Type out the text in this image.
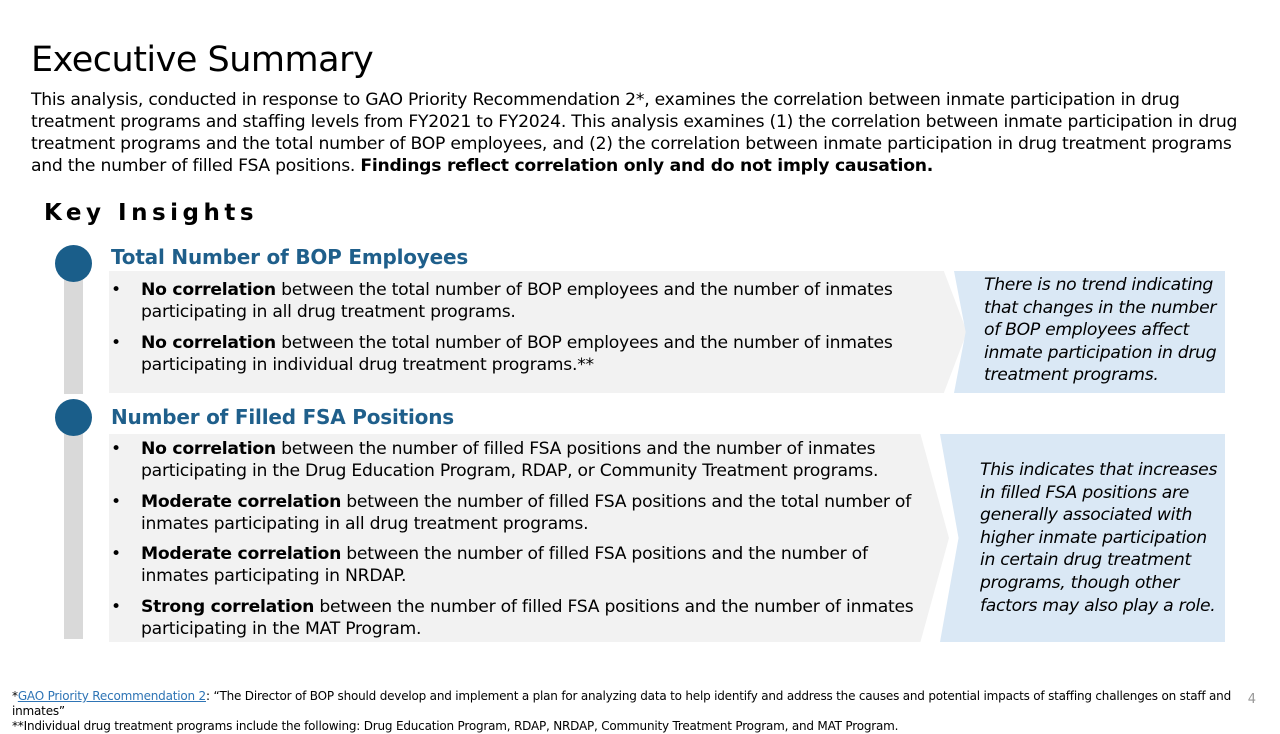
Executive Summary

This analysis, conducted in response to GAO Priority Recommendation 2*, examines the correlation between inmate participation in drug treatment programs and staffing levels from FY2021 to FY2024. This analysis examines (1) the correlation between inmate participation in drug treatment programs and the total number of BOP employees, and (2) the correlation between inmate participation in drug treatment programs and the number of filled FSA positions. Findings reflect correlation only and do not imply causation.

Key Insights
Total Number of BOP Employees
• No correlation between the total number of BOP employees and the number of inmates participating in all drug treatment programs.
• No correlation between the total number of BOP employees and the number of inmates participating in individual drug treatment programs.**
There is no trend indicating that changes in the number of BOP employees affect inmate participation in drug treatment programs.
Number of Filled FSA Positions
• No correlation between the number of filled FSA positions and the number of inmates participating in the Drug Education Program, RDAP, or Community Treatment programs.
• Moderate correlation between the number of filled FSA positions and the total number of inmates participating in all drug treatment programs.
• Moderate correlation between the number of filled FSA positions and the number of inmates participating in NRDAP.
• Strong correlation between the number of filled FSA positions and the number of inmates participating in the MAT Program.
This indicates that increases in filled FSA positions are generally associated with higher inmate participation in certain drug treatment programs, though other factors may also play a role.
*GAO Priority Recommendation 2: “The Director of BOP should develop and implement a plan for analyzing data to help identify and address the causes and potential impacts of staffing challenges on staff and inmates”
**Individual drug treatment programs include the following: Drug Education Program, RDAP, NRDAP, Community Treatment Program, and MAT Program.
4
